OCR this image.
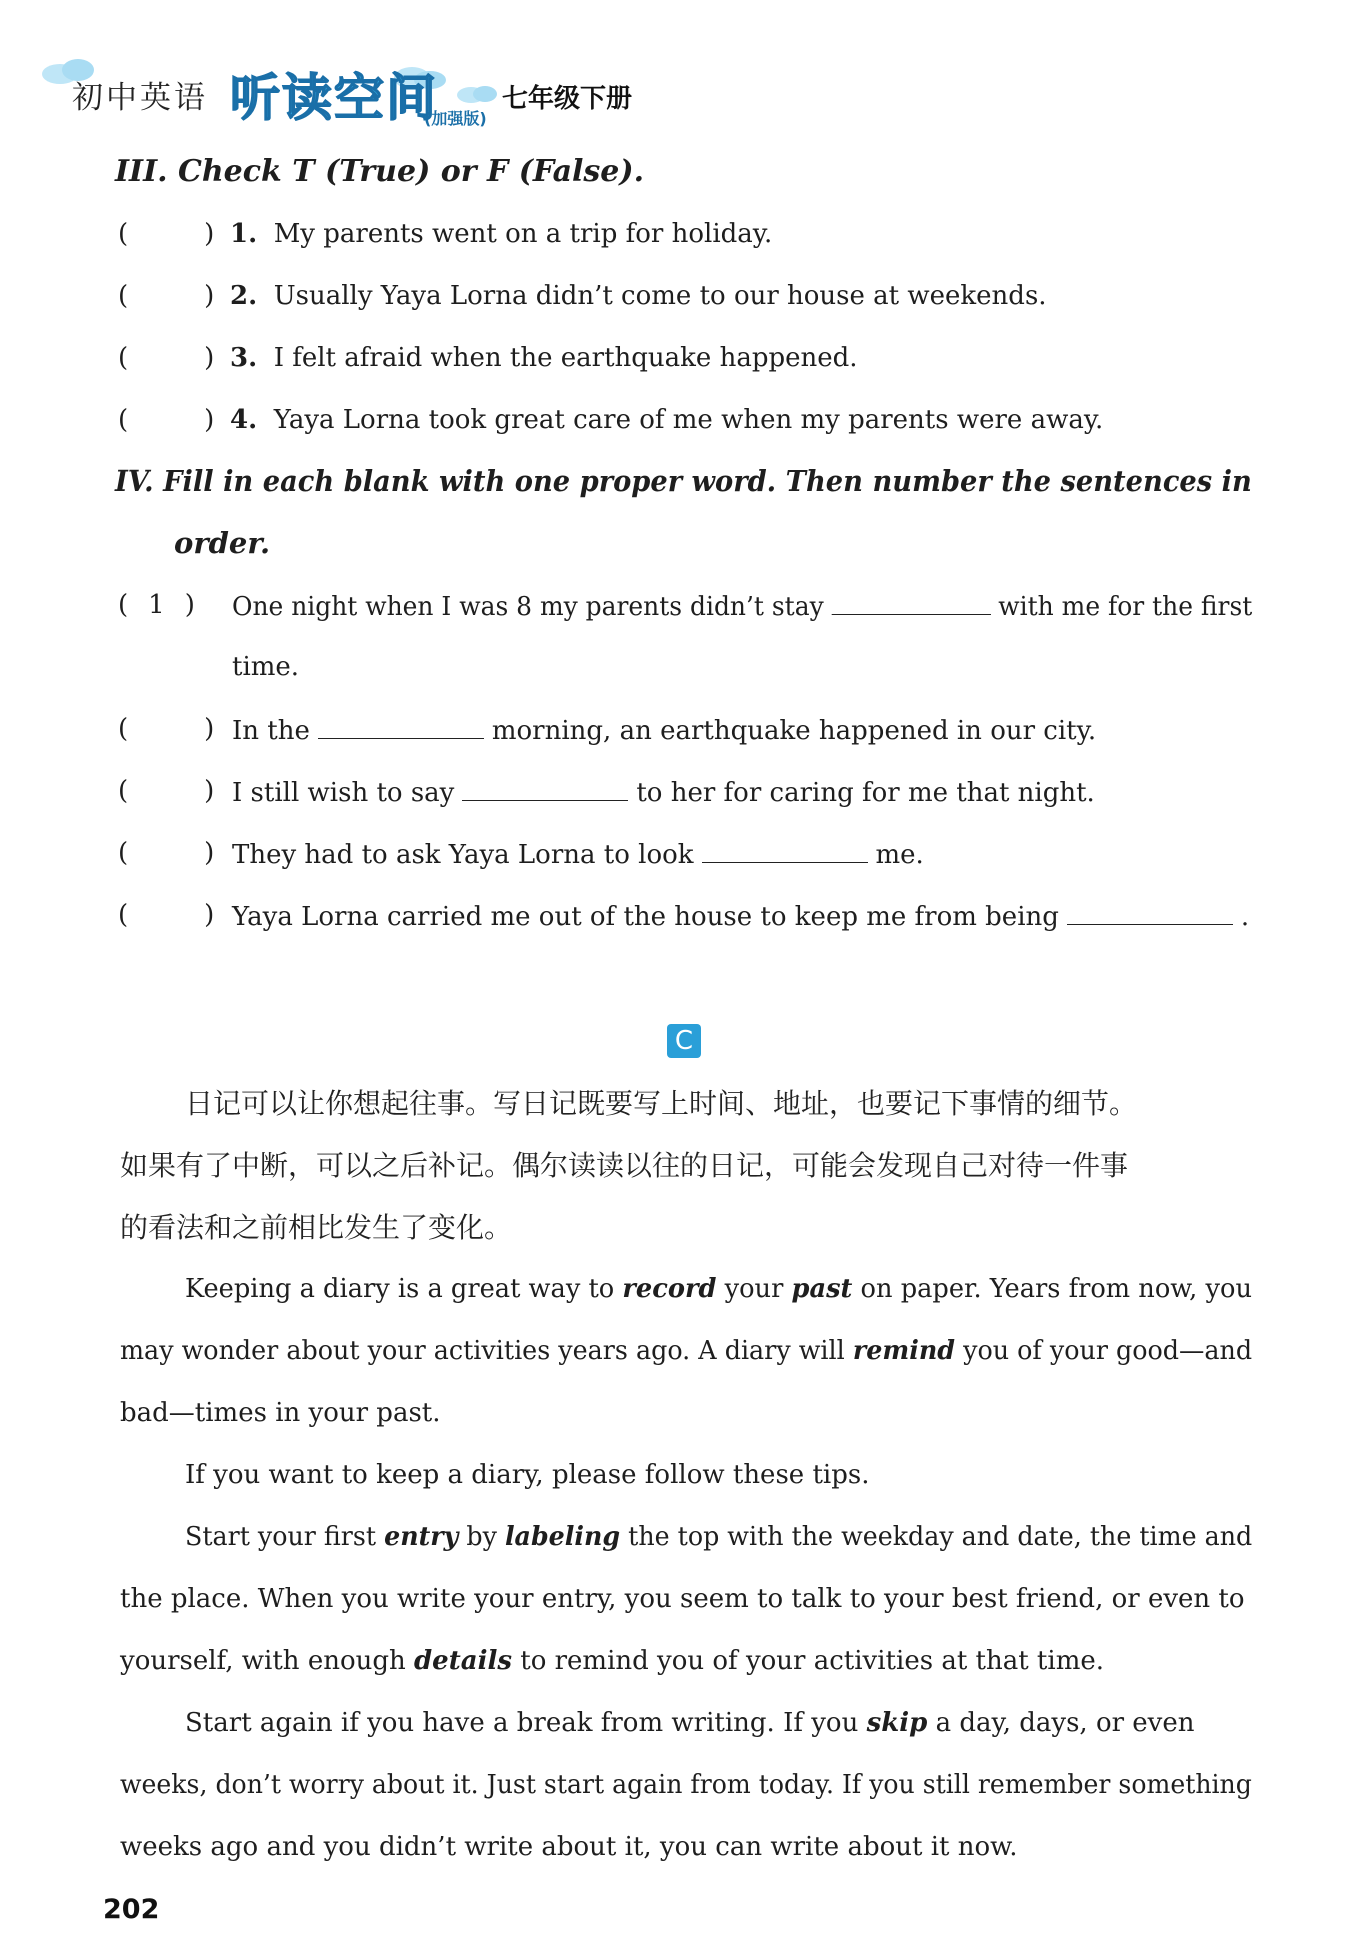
初中英语 听读空间
(加强版)
七年级下册
III. Check T (True) or F (False).
(	) 1. My parents went on a trip for holiday.
(	) 2. Usually Yaya Lorna didn’t come to our house at weekends.
(	) 3. I felt afraid when the earthquake happened.
(	) 4. Yaya Lorna took great care of me when my parents were away.
IV. Fill in each blank with one proper word. Then number the sentences in
order.
( 1 ) One night when I was 8 my parents didn’t stay	with me for the first
time.
(	) In the	morning, an earthquake happened in our city.
(	) I still wish to say	to her for caring for me that night.
(	) They had to ask Yaya Lorna to look	me.
(	) Yaya Lorna carried me out of the house to keep me from being	.
C
日记可以让你想起往事。写日记既要写上时间、地址，也要记下事情的细节。
如果有了中断，可以之后补记。偶尔读读以往的日记，可能会发现自己对待一件事
的看法和之前相比发生了变化。
Keeping a diary is a great way to record your past on paper. Years from now, you
may wonder about your activities years ago. A diary will remind you of your good—and
bad—times in your past.
If you want to keep a diary, please follow these tips.
Start your first entry by labeling the top with the weekday and date, the time and
the place. When you write your entry, you seem to talk to your best friend, or even to
yourself, with enough details to remind you of your activities at that time.
Start again if you have a break from writing. If you skip a day, days, or even
weeks, don’t worry about it. Just start again from today. If you still remember something
weeks ago and you didn’t write about it, you can write about it now.
202
